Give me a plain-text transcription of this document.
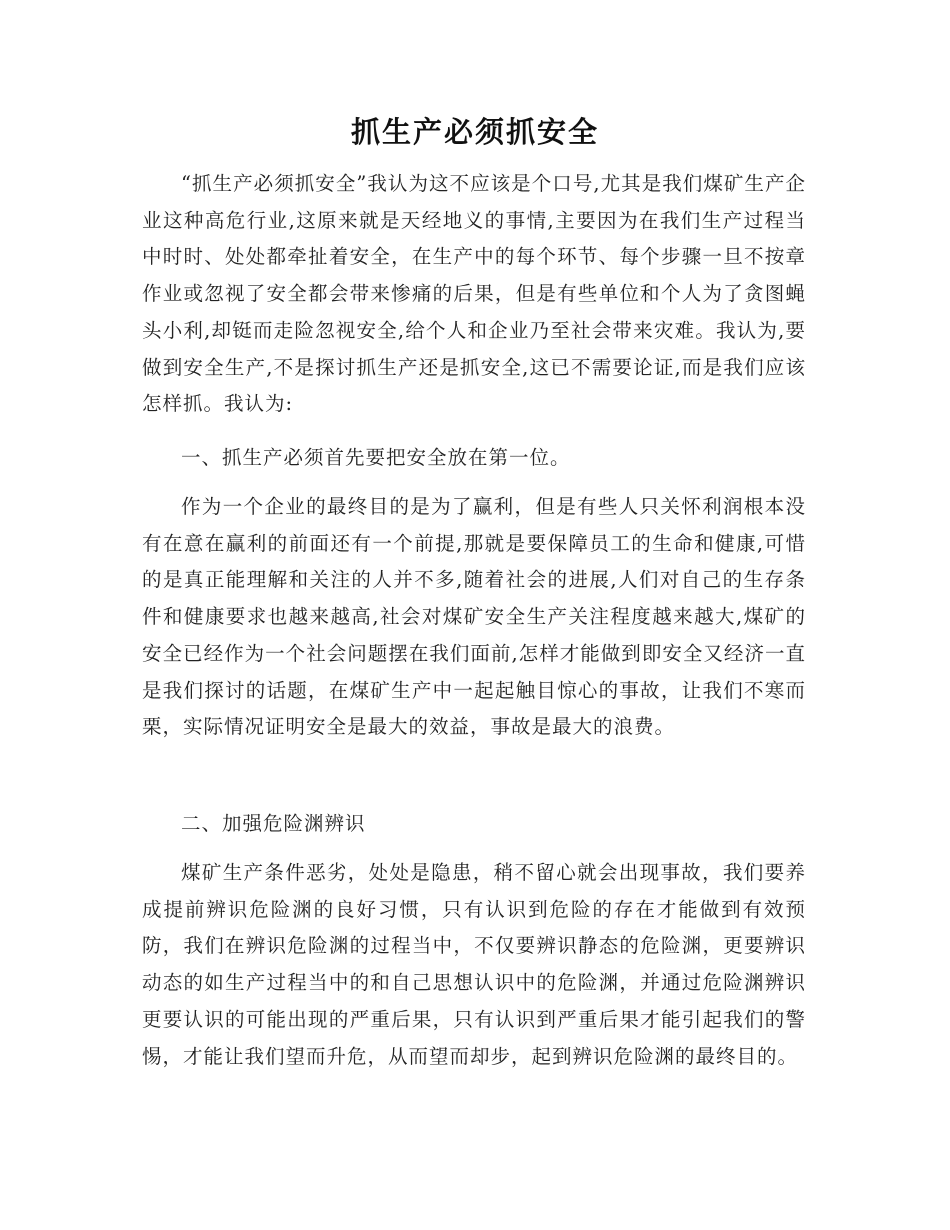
抓生产必须抓安全

“抓生产必须抓安全”我认为这不应该是个口号,尤其是我们煤矿生产企业这种高危行业,这原来就是天经地义的事情,主要因为在我们生产过程当中时时、处处都牵扯着安全，在生产中的每个环节、每个步骤一旦不按章作业或忽视了安全都会带来惨痛的后果，但是有些单位和个人为了贪图蝇头小利,却铤而走险忽视安全,给个人和企业乃至社会带来灾难。我认为,要做到安全生产,不是探讨抓生产还是抓安全,这已不需要论证,而是我们应该怎样抓。我认为:

一、抓生产必须首先要把安全放在第一位。

作为一个企业的最终目的是为了赢利，但是有些人只关怀利润根本没有在意在赢利的前面还有一个前提,那就是要保障员工的生命和健康,可惜的是真正能理解和关注的人并不多,随着社会的进展,人们对自己的生存条件和健康要求也越来越高,社会对煤矿安全生产关注程度越来越大,煤矿的安全已经作为一个社会问题摆在我们面前,怎样才能做到即安全又经济一直是我们探讨的话题，在煤矿生产中一起起触目惊心的事故，让我们不寒而栗，实际情况证明安全是最大的效益，事故是最大的浪费。

二、加强危险渊辨识

煤矿生产条件恶劣，处处是隐患，稍不留心就会出现事故，我们要养成提前辨识危险渊的良好习惯，只有认识到危险的存在才能做到有效预防，我们在辨识危险渊的过程当中，不仅要辨识静态的危险渊，更要辨识动态的如生产过程当中的和自己思想认识中的危险渊，并通过危险渊辨识更要认识的可能出现的严重后果，只有认识到严重后果才能引起我们的警惕，才能让我们望而升危，从而望而却步，起到辨识危险渊的最终目的。
